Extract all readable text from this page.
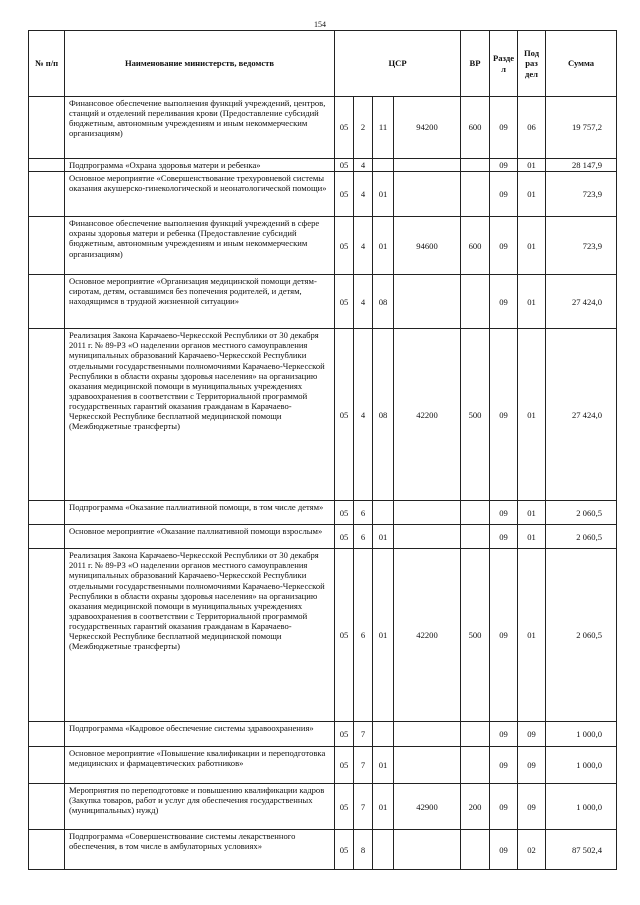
154
№ п/п	Наименование министерств, ведомств	ЦСР				ВР	Разде л	Под раз дел	Сумма
	Финансовое обеспечение выполнения функций учреждений, центров, станций и отделений переливания крови (Предоставление субсидий бюджетным, автономным учреждениям и иным некоммерческим организациям)	05	2	11	94200	600	09	06	19 757,2
	Подпрограмма «Охрана здоровья матери и ребенка»	05	4				09	01	28 147,9
	Основное мероприятие «Совершенствование трехуровневой системы оказания акушерско-гинекологической и неонатологической помощи»	05	4	01			09	01	723,9
	Финансовое обеспечение выполнения функций учреждений в сфере охраны здоровья матери и ребенка (Предоставление субсидий бюджетным, автономным учреждениям и иным некоммерческим организациям)	05	4	01	94600	600	09	01	723,9
	Основное мероприятие «Организация медицинской помощи детям-сиротам, детям, оставшимся без попечения родителей, и детям, находящимся в трудной жизненной ситуации»	05	4	08			09	01	27 424,0
	Реализация Закона Карачаево-Черкесской Республики от 30 декабря 2011 г. № 89-РЗ «О наделении органов местного самоуправления муниципальных образований Карачаево-Черкесской Республики отдельными государственными полномочиями Карачаево-Черкесской Республики в области охраны здоровья населения» на организацию оказания медицинской помощи в муниципальных учреждениях здравоохранения в соответствии с Территориальной программой государственных гарантий оказания гражданам в Карачаево-Черкесской Республике бесплатной медицинской помощи (Межбюджетные трансферты)	05	4	08	42200	500	09	01	27 424,0
	Подпрограмма «Оказание паллиативной помощи, в том числе детям»	05	6				09	01	2 060,5
	Основное мероприятие «Оказание паллиативной помощи взрослым»	05	6	01			09	01	2 060,5
	Реализация Закона Карачаево-Черкесской Республики от 30 декабря 2011 г. № 89-РЗ «О наделении органов местного самоуправления муниципальных образований Карачаево-Черкесской Республики отдельными государственными полномочиями Карачаево-Черкесской Республики в области охраны здоровья населения» на организацию оказания медицинской помощи в муниципальных учреждениях здравоохранения в соответствии с Территориальной программой государственных гарантий оказания гражданам в Карачаево-Черкесской Республике бесплатной медицинской помощи (Межбюджетные трансферты)	05	6	01	42200	500	09	01	2 060,5
	Подпрограмма «Кадровое обеспечение системы здравоохранения»	05	7				09	09	1 000,0
	Основное мероприятие «Повышение квалификации и переподготовка медицинских и фармацевтических работников»	05	7	01			09	09	1 000,0
	Мероприятия по переподготовке и повышению квалификации кадров (Закупка товаров, работ и услуг для обеспечения государственных (муниципальных) нужд)	05	7	01	42900	200	09	09	1 000,0
	Подпрограмма «Совершенствование системы лекарственного обеспечения, в том числе в амбулаторных условиях»	05	8				09	02	87 502,4
